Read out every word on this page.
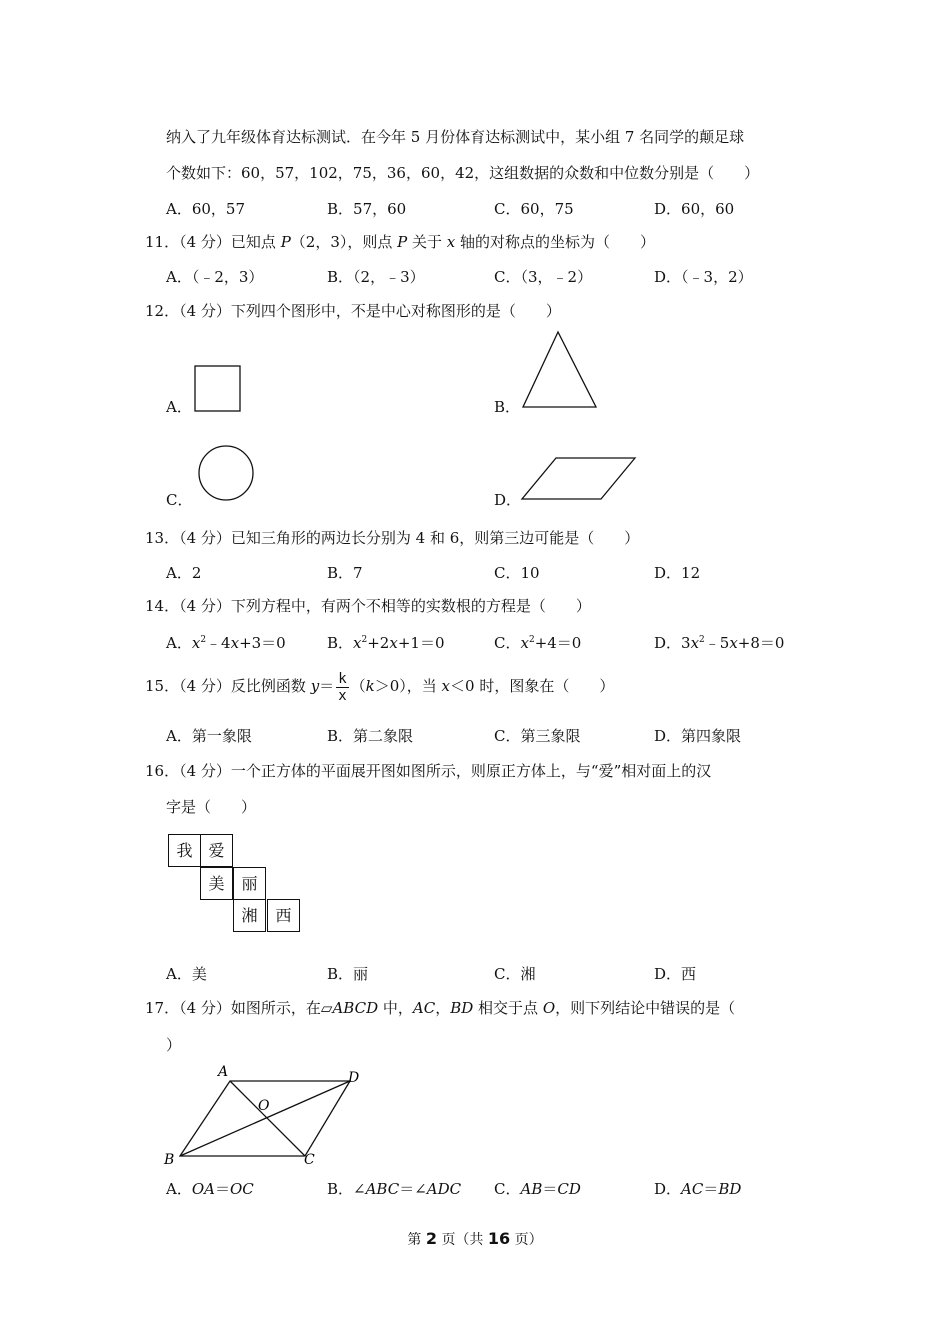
纳入了九年级体育达标测试．在今年 5 月份体育达标测试中，某小组 7 名同学的颠足球
个数如下：60，57，102，75，36，60，42，这组数据的众数和中位数分别是（　　）
A．60，57	B．57，60	C．60，75	D．60，60
11．（4 分）已知点 P（2，3），则点 P 关于 x 轴的对称点的坐标为（　　）
A．（﹣2，3）	B．（2，﹣3）	C．（3，﹣2）	D．（﹣3，2）
12．（4 分）下列四个图形中，不是中心对称图形的是（　　）
A．	B．
C．	D．
13．（4 分）已知三角形的两边长分别为 4 和 6，则第三边可能是（　　）
A．2	B．7	C．10	D．12
14．（4 分）下列方程中，有两个不相等的实数根的方程是（　　）
A．$x^2﹣4x+3=0$	B．$x^2+2x+1=0$	C．$x^2+4=0$	D．$3x^2﹣5x+8=0$
15．（4 分）反比例函数 $y= \frac{k}{x} (k>0)$，当 x＜0 时，图象在（　　）
A．第一象限	B．第二象限	C．第三象限	D．第四象限
16．（4 分）一个正方体的平面展开图如图所示，则原正方体上，与“爱”相对面上的汉
字是（　　）
我 爱
美	丽
湘	西
A．美	B．丽	C．湘	D．西
17．（4 分）如图所示，在▱ABCD 中，AC，BD 相交于点 O，则下列结论中错误的是（
）
A	D
O
B	C
A．OA＝OC	B．∠ABC＝∠ADC C．AB＝CD	D．AC＝BD
第 2 页（共 16 页）
